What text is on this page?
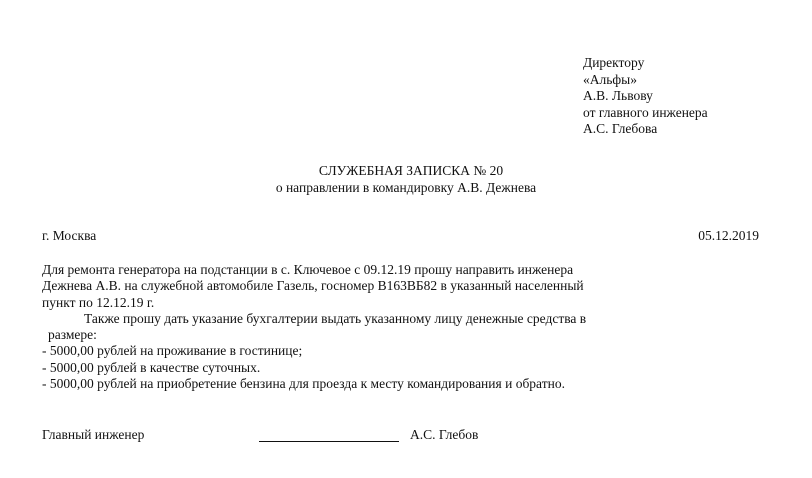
Директору
«Альфы»
А.В. Львову
от главного инженера
А.С. Глебова
СЛУЖЕБНАЯ ЗАПИСКА № 20
о направлении в командировку А.В. Дежнева
г. Москва	05.12.2019
Для ремонта генератора на подстанции в с. Ключевое с 09.12.19 прошу направить инженера
Дежнева А.В. на служебной автомобиле Газель, госномер В163ВБ82 в указанный населенный
пункт по 12.12.19 г.
Также прошу дать указание бухгалтерии выдать указанному лицу денежные средства в
размере:
- 5000,00 рублей на проживание в гостинице;
- 5000,00 рублей в качестве суточных.
- 5000,00 рублей на приобретение бензина для проезда к месту командирования и обратно.
Главный инженер	А.С. Глебов
